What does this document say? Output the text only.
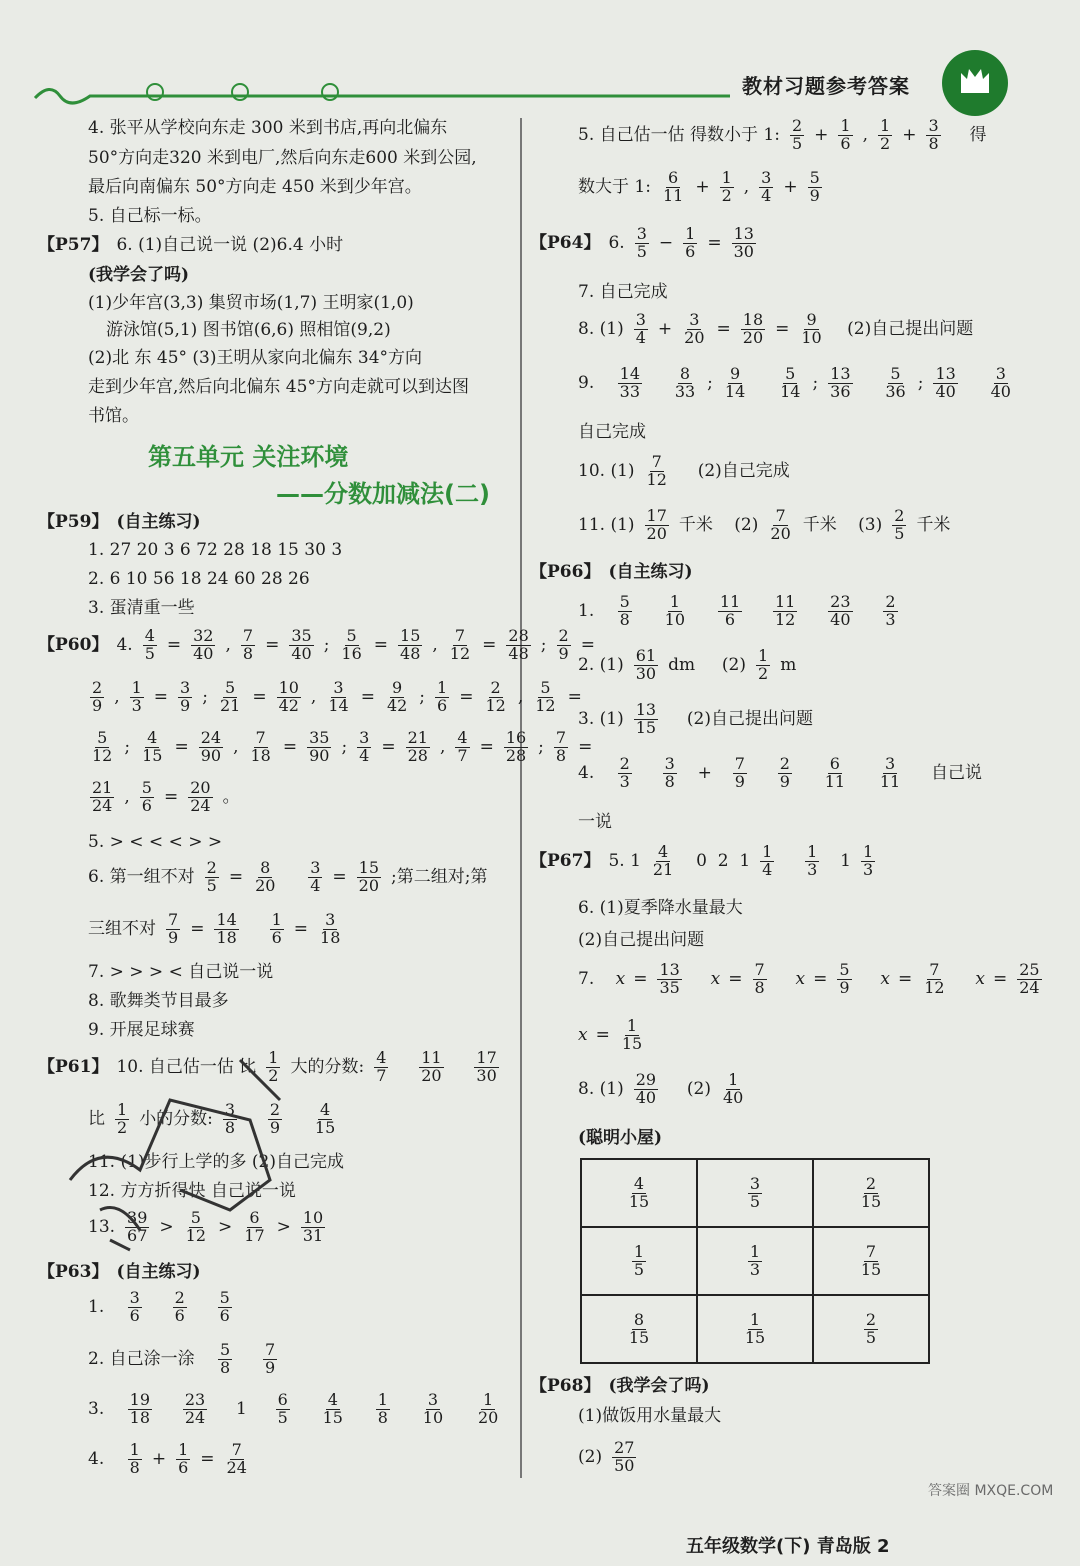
教材习题参考答案
4. 张平从学校向东走 300 米到书店,再向北偏东
50°方向走320 米到电厂,然后向东走600 米到公园,
最后向南偏东 50°方向走 450 米到少年宫。
5. 自己标一标。
【P57】 6. (1)自己说一说 (2)6.4 小时
(我学会了吗)
(1)少年宫(3,3) 集贸市场(1,7) 王明家(1,0)
游泳馆(5,1) 图书馆(6,6) 照相馆(9,2)
(2)北 东 45° (3)王明从家向北偏东 34°方向
走到少年宫,然后向北偏东 45°方向走就可以到达图
书馆。
第五单元 关注环境
——分数加减法(二)
【P59】 (自主练习)
1. 27 20 3 6 72 28 18 15 30 3
2. 6 10 56 18 24 60 28 26
3. 蛋清重一些
【P60】 4. $\frac{4}{5} = \frac{32}{40}$ , $\frac{7}{8} = \frac{35}{40}$ ; $\frac{5}{16} = \frac{15}{48}$ , $\frac{7}{12} = \frac{28}{48}$ ; $\frac{2}{9}$ =
$\frac{2}{9}$ , $\frac{1}{3} = \frac{3}{9}$ ; $\frac{5}{21} = \frac{10}{42}$ , $\frac{3}{14} = \frac{9}{42}$ ; $\frac{1}{6} = \frac{2}{12}$ , $\frac{5}{12}$ =
$\frac{5}{12}$ ; $\frac{4}{15} = \frac{24}{90}$ , $\frac{7}{18} = \frac{35}{90}$ ; $\frac{3}{4} = \frac{21}{28}$ , $\frac{4}{7} = \frac{16}{28}$ ; $\frac{7}{8}$ =
$\frac{21}{24}$ , $\frac{5}{6} = \frac{20}{24}$ 。
5. > < < < > >
6. 第一组不对 $\frac{2}{5} = \frac{8}{20}$
$\frac{3}{4} = \frac{15}{20}$ ;第二组对;第
三组不对 $\frac{7}{9} = \frac{14}{18}$
$\frac{1}{6} = \frac{3}{18}$
7. > > > < 自己说一说
8. 歌舞类节目最多
9. 开展足球赛
【P61】 10. 自己估一估 比 $\frac{1}{2}$ 大的分数: $\frac{4}{7}$
$\frac{11}{20}$
$\frac{17}{30}$
比 $\frac{1}{2}$ 小的分数: $\frac{3}{8}$
$\frac{2}{9}$
$\frac{4}{15}$
11. (1)步行上学的多 (2)自己完成
12. 方方折得快 自己说一说
13. $\frac{39}{67} > \frac{5}{12} > \frac{6}{17} > \frac{10}{31}$
【P63】 (自主练习)
1.
$\frac{3}{6}$
$\frac{2}{6}$
$\frac{5}{6}$
2. 自己涂一涂
$\frac{5}{8}$
$\frac{7}{9}$
3.
$\frac{19}{18}$
$\frac{23}{24}$
1
$\frac{6}{5}$
$\frac{4}{15}$
$\frac{1}{8}$
$\frac{3}{10}$
$\frac{1}{20}$
4.
$\frac{1}{8} + \frac{1}{6} = \frac{7}{24}$
5. 自己估一估 得数小于 1: $\frac{2}{5} + \frac{1}{6}$ , $\frac{1}{2} + \frac{3}{8}$
得
数大于 1: $\frac{6}{11} + \frac{1}{2}$ , $\frac{3}{4} + \frac{5}{9}$
【P64】 6. $\frac{3}{5} - \frac{1}{6} = \frac{13}{30}$
7. 自己完成
8. $(1) \frac{3}{4} + \frac{3}{20} = \frac{18}{20} = \frac{9}{10}$
(2)自己提出问题
9.
$\frac{14}{33}$
$\frac{8}{33}$ ; $\frac{9}{14}$
$\frac{5}{14}$ ; $\frac{13}{36}$
$\frac{5}{36}$ ; $\frac{13}{40}$
$\frac{3}{40}$
自己完成
10. $(1) \frac{7}{12}$
(2)自己完成
11. $(1) \frac{17}{20}$ 千米
$(2) \frac{7}{20}$ 千米
$(3) \frac{2}{5}$ 千米
【P66】 (自主练习)
1.
$\frac{5}{8}$
$\frac{1}{10}$
$\frac{11}{6}$
$\frac{11}{12}$
$\frac{23}{40}$
$\frac{2}{3}$
2. $(1) \frac{61}{30}$ dm
$(2) \frac{1}{2}$ m
3. $(1) \frac{13}{15}$
(2)自己提出问题
4.
$\frac{2}{3}$
$\frac{3}{8} + \frac{7}{9}$
$\frac{2}{9}$
$\frac{6}{11}$
$\frac{3}{11}$
自己说
一说
【P67】 5. $1 \frac{4}{21} 0$  2  $1 \frac{1}{4}$
$\frac{1}{3} 1 \frac{1}{3}$
6. (1)夏季降水量最大
(2)自己提出问题
7.
$x = \frac{13}{35}$
$x = \frac{7}{8}$
$x = \frac{5}{9}$
$x = \frac{7}{12}$
$x = \frac{25}{24}$
$x = \frac{1}{15}$
8. $(1) \frac{29}{40}$
$(2) \frac{1}{40}$
(聪明小屋)
$\frac{4}{15}$	$\frac{3}{5}$	$\frac{2}{15}$

$\frac{1}{5}$	$\frac{1}{3}$	$\frac{7}{15}$

$\frac{8}{15}$	$\frac{1}{15}$	$\frac{2}{5}$
【P68】 (我学会了吗)
(1)做饭用水量最大
$(2) \frac{27}{50}$
五年级数学(下) 青岛版 2
答案圈 MXQE.COM
